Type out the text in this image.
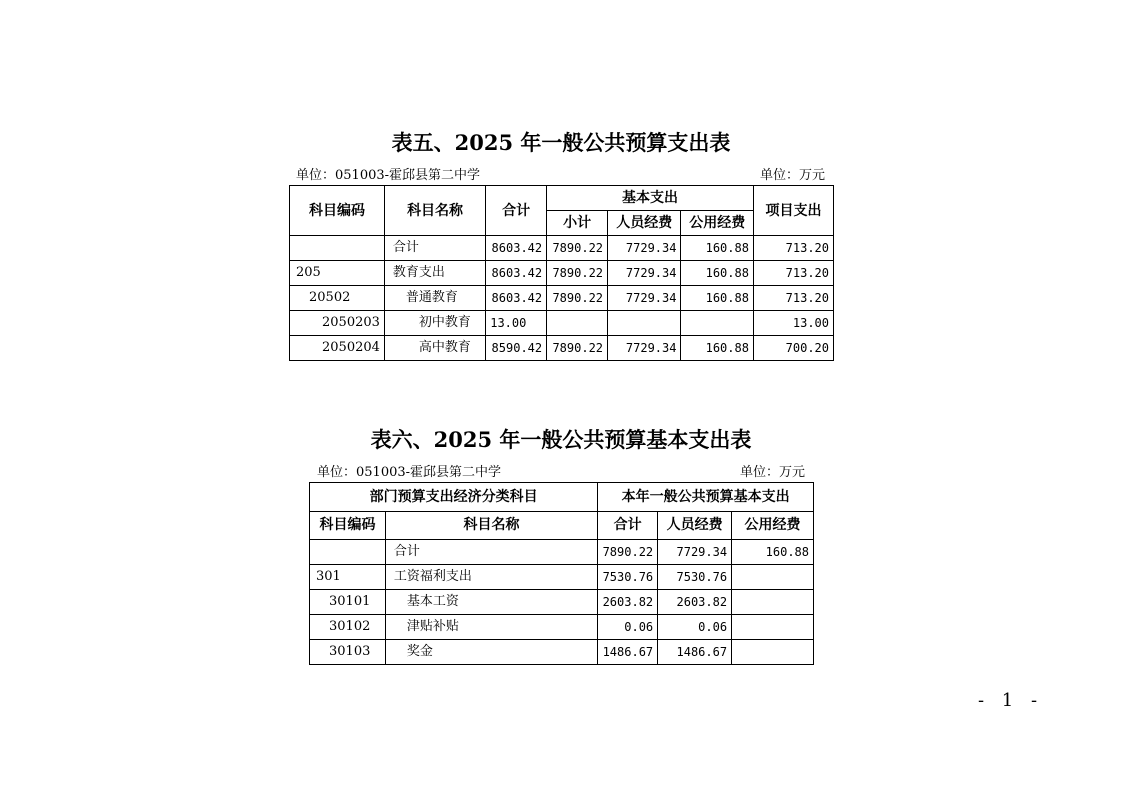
表五、2025 年一般公共预算支出表
单位：051003-霍邱县第二中学	单位：万元
科目编码	科目名称	合计	基本支出			项目支出
			小计	人员经费	公用经费	
	合计	8603.42	7890.22	7729.34	160.88	713.20
205	教育支出	8603.42	7890.22	7729.34	160.88	713.20
20502	普通教育	8603.42	7890.22	7729.34	160.88	713.20
2050203	初中教育	13.00				13.00
2050204	高中教育	8590.42	7890.22	7729.34	160.88	700.20
表六、2025 年一般公共预算基本支出表
单位：051003-霍邱县第二中学	单位：万元
部门预算支出经济分类科目		本年一般公共预算基本支出		
科目编码	科目名称	合计	人员经费	公用经费
	合计	7890.22	7729.34	160.88
301	工资福利支出	7530.76	7530.76	
30101	基本工资	2603.82	2603.82	
30102	津贴补贴	0.06	0.06	
30103	奖金	1486.67	1486.67	
- 1 -
